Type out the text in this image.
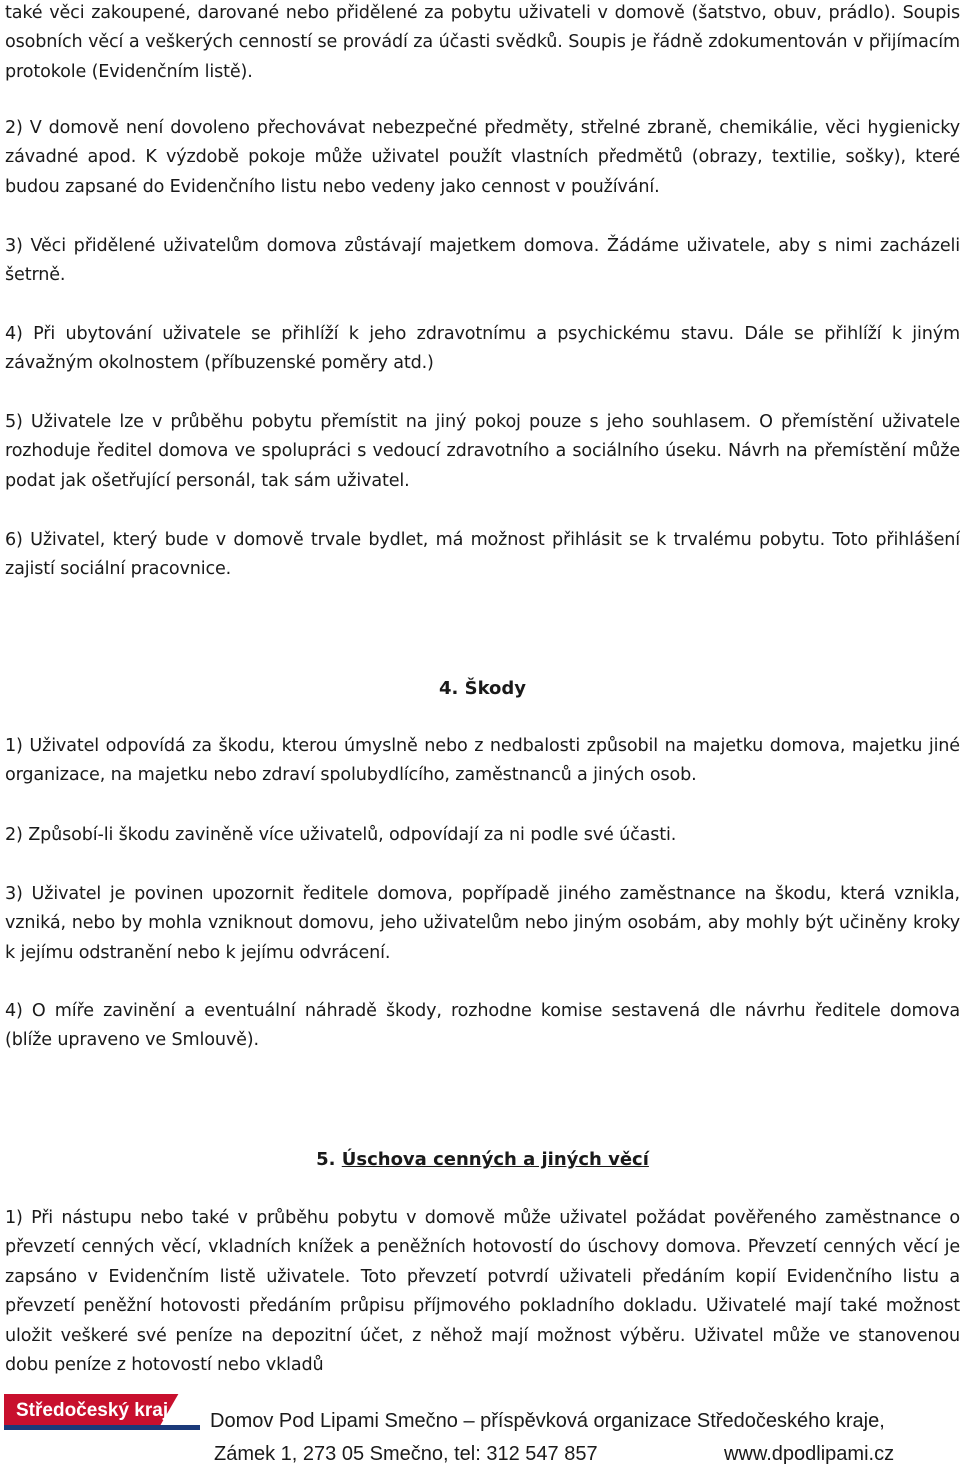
také věci zakoupené, darované nebo přidělené za pobytu uživateli v domově (šatstvo, obuv, prádlo). Soupis osobních věcí a veškerých cenností se provádí za účasti svědků. Soupis je řádně zdokumentován v přijímacím protokole (Evidenčním listě).

2) V domově není dovoleno přechovávat nebezpečné předměty, střelné zbraně, chemikálie, věci hygienicky závadné apod. K výzdobě pokoje může uživatel použít vlastních předmětů (obrazy, textilie, sošky), které budou zapsané do Evidenčního listu nebo vedeny jako cennost v používání.

3) Věci přidělené uživatelům domova zůstávají majetkem domova. Žádáme uživatele, aby s nimi zacházeli šetrně.

4) Při ubytování uživatele se přihlíží k jeho zdravotnímu a psychickému stavu. Dále se přihlíží k jiným závažným okolnostem (příbuzenské poměry atd.)

5) Uživatele lze v průběhu pobytu přemístit na jiný pokoj pouze s jeho souhlasem. O přemístění uživatele rozhoduje ředitel domova ve spolupráci s vedoucí zdravotního a sociálního úseku. Návrh na přemístění může podat jak ošetřující personál, tak sám uživatel.

6) Uživatel, který bude v domově trvale bydlet, má možnost přihlásit se k trvalému pobytu. Toto přihlášení zajistí sociální pracovnice.

4. Škody

1) Uživatel odpovídá za škodu, kterou úmyslně nebo z nedbalosti způsobil na majetku domova, majetku jiné organizace, na majetku nebo zdraví spolubydlícího, zaměstnanců a jiných osob.

2) Způsobí-li škodu zaviněně více uživatelů, odpovídají za ni podle své účasti.

3) Uživatel je povinen upozornit ředitele domova, popřípadě jiného zaměstnance na škodu, která vznikla, vzniká, nebo by mohla vzniknout domovu, jeho uživatelům nebo jiným osobám, aby mohly být učiněny kroky k jejímu odstranění nebo k jejímu odvrácení.

4) O míře zavinění a eventuální náhradě škody, rozhodne komise sestavená dle návrhu ředitele domova (blíže upraveno ve Smlouvě).

5. Úschova cenných a jiných věcí

1) Při nástupu nebo také v průběhu pobytu v domově může uživatel požádat pověřeného zaměstnance o převzetí cenných věcí, vkladních knížek a peněžních hotovostí do úschovy domova. Převzetí cenných věcí je zapsáno v Evidenčním listě uživatele. Toto převzetí potvrdí uživateli předáním kopií Evidenčního listu a převzetí peněžní hotovosti předáním průpisu příjmového pokladního dokladu. Uživatelé mají také možnost uložit veškeré své peníze na depozitní účet, z něhož mají možnost výběru. Uživatel může ve stanovenou dobu peníze z hotovostí nebo vkladů

Středočeský kraj	Domov Pod Lipami Smečno – příspěvková organizace Středočeského kraje,
Zámek 1, 273 05 Smečno, tel: 312 547 857	www.dpodlipami.cz
